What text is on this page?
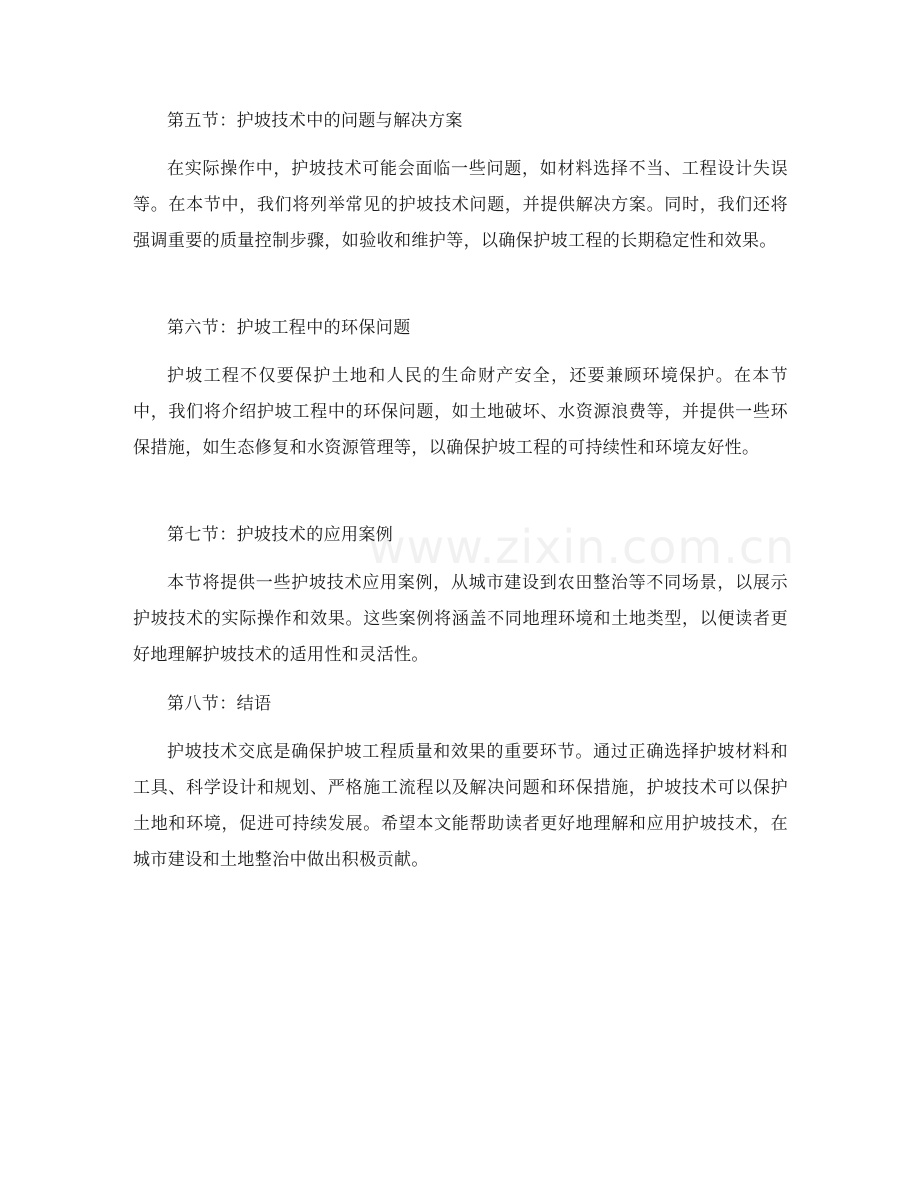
www.zixin.com.cn

第五节：护坡技术中的问题与解决方案

在实际操作中，护坡技术可能会面临一些问题，如材料选择不当、工程设计失误等。在本节中，我们将列举常见的护坡技术问题，并提供解决方案。同时，我们还将强调重要的质量控制步骤，如验收和维护等，以确保护坡工程的长期稳定性和效果。

第六节：护坡工程中的环保问题

护坡工程不仅要保护土地和人民的生命财产安全，还要兼顾环境保护。在本节中，我们将介绍护坡工程中的环保问题，如土地破坏、水资源浪费等，并提供一些环保措施，如生态修复和水资源管理等，以确保护坡工程的可持续性和环境友好性。

第七节：护坡技术的应用案例

本节将提供一些护坡技术应用案例，从城市建设到农田整治等不同场景，以展示护坡技术的实际操作和效果。这些案例将涵盖不同地理环境和土地类型，以便读者更好地理解护坡技术的适用性和灵活性。

第八节：结语

护坡技术交底是确保护坡工程质量和效果的重要环节。通过正确选择护坡材料和工具、科学设计和规划、严格施工流程以及解决问题和环保措施，护坡技术可以保护土地和环境，促进可持续发展。希望本文能帮助读者更好地理解和应用护坡技术，在城市建设和土地整治中做出积极贡献。
